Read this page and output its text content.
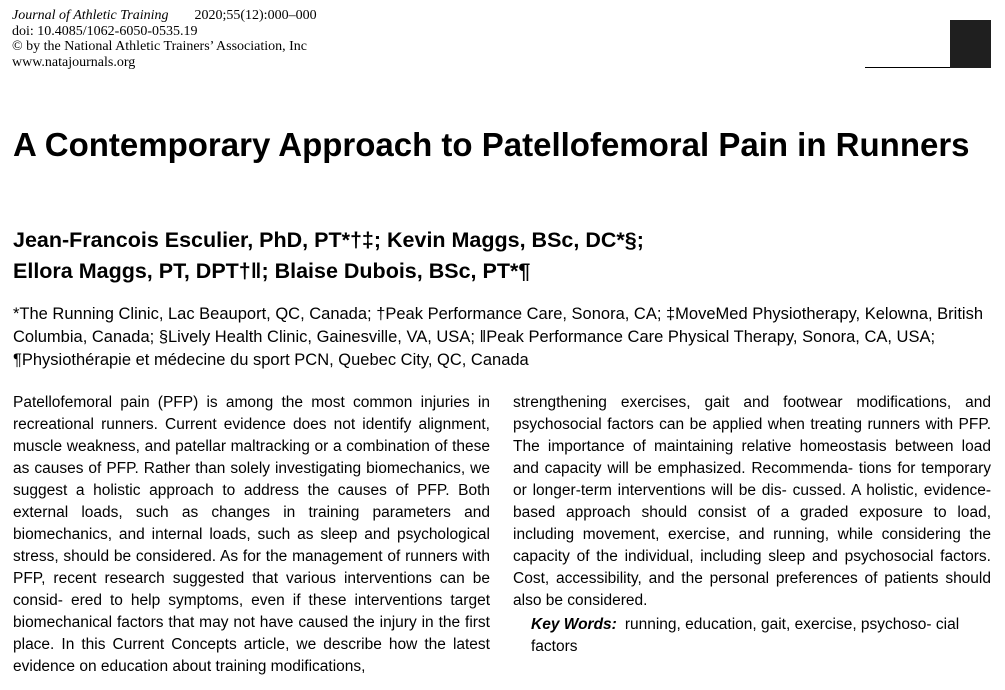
Journal of Athletic Training 2020;55(12):000–000
doi: 10.4085/1062-6050-0535.19
© by the National Athletic Trainers’ Association, Inc
www.natajournals.org
A Contemporary Approach to Patellofemoral Pain in Runners
Jean-Francois Esculier, PhD, PT*†‡; Kevin Maggs, BSc, DC*§;
Ellora Maggs, PT, DPT†‖; Blaise Dubois, BSc, PT*¶
*The Running Clinic, Lac Beauport, QC, Canada; †Peak Performance Care, Sonora, CA; ‡MoveMed Physiotherapy, Kelowna, British Columbia, Canada; §Lively Health Clinic, Gainesville, VA, USA; ‖Peak Performance Care Physical Therapy, Sonora, CA, USA; ¶Physiothérapie et médecine du sport PCN, Quebec City, QC, Canada
Patellofemoral pain (PFP) is among the most common injuries in recreational runners. Current evidence does not identify alignment, muscle weakness, and patellar maltracking or a combination of these as causes of PFP. Rather than solely investigating biomechanics, we suggest a holistic approach to address the causes of PFP. Both external loads, such as changes in training parameters and biomechanics, and internal loads, such as sleep and psychological stress, should be considered. As for the management of runners with PFP, recent research suggested that various interventions can be consid- ered to help symptoms, even if these interventions target biomechanical factors that may not have caused the injury in the first place. In this Current Concepts article, we describe how the latest evidence on education about training modifications,
strengthening exercises, gait and footwear modifications, and psychosocial factors can be applied when treating runners with PFP. The importance of maintaining relative homeostasis between load and capacity will be emphasized. Recommenda- tions for temporary or longer-term interventions will be dis- cussed. A holistic, evidence-based approach should consist of a graded exposure to load, including movement, exercise, and running, while considering the capacity of the individual, including sleep and psychosocial factors. Cost, accessibility, and the personal preferences of patients should also be considered.
Key Words: running, education, gait, exercise, psychoso- cial factors
